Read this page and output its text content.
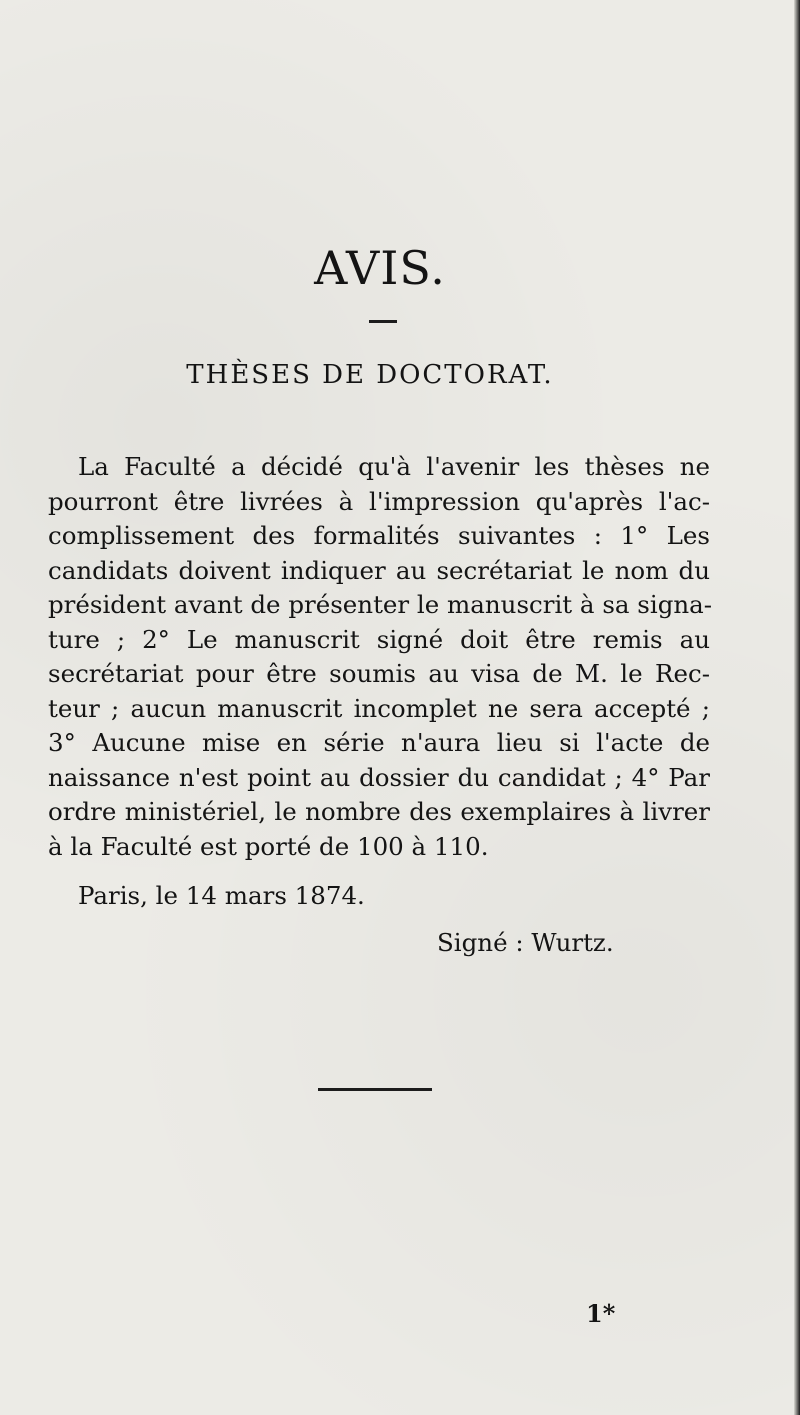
AVIS.
THÈSES DE DOCTORAT.
La Faculté a décidé qu'à l'avenir les thèses ne
pourront être livrées à l'impression qu'après l'ac-
complissement des formalités suivantes : 1° Les
candidats doivent indiquer au secrétariat le nom du
président avant de présenter le manuscrit à sa signa-
ture ; 2° Le manuscrit signé doit être remis au
secrétariat pour être soumis au visa de M. le Rec-
teur ; aucun manuscrit incomplet ne sera accepté ;
3° Aucune mise en série n'aura lieu si l'acte de
naissance n'est point au dossier du candidat ; 4° Par
ordre ministériel, le nombre des exemplaires à livrer
à la Faculté est porté de 100 à 110.
Paris, le 14 mars 1874.
Signé : Wurtz.
1*
